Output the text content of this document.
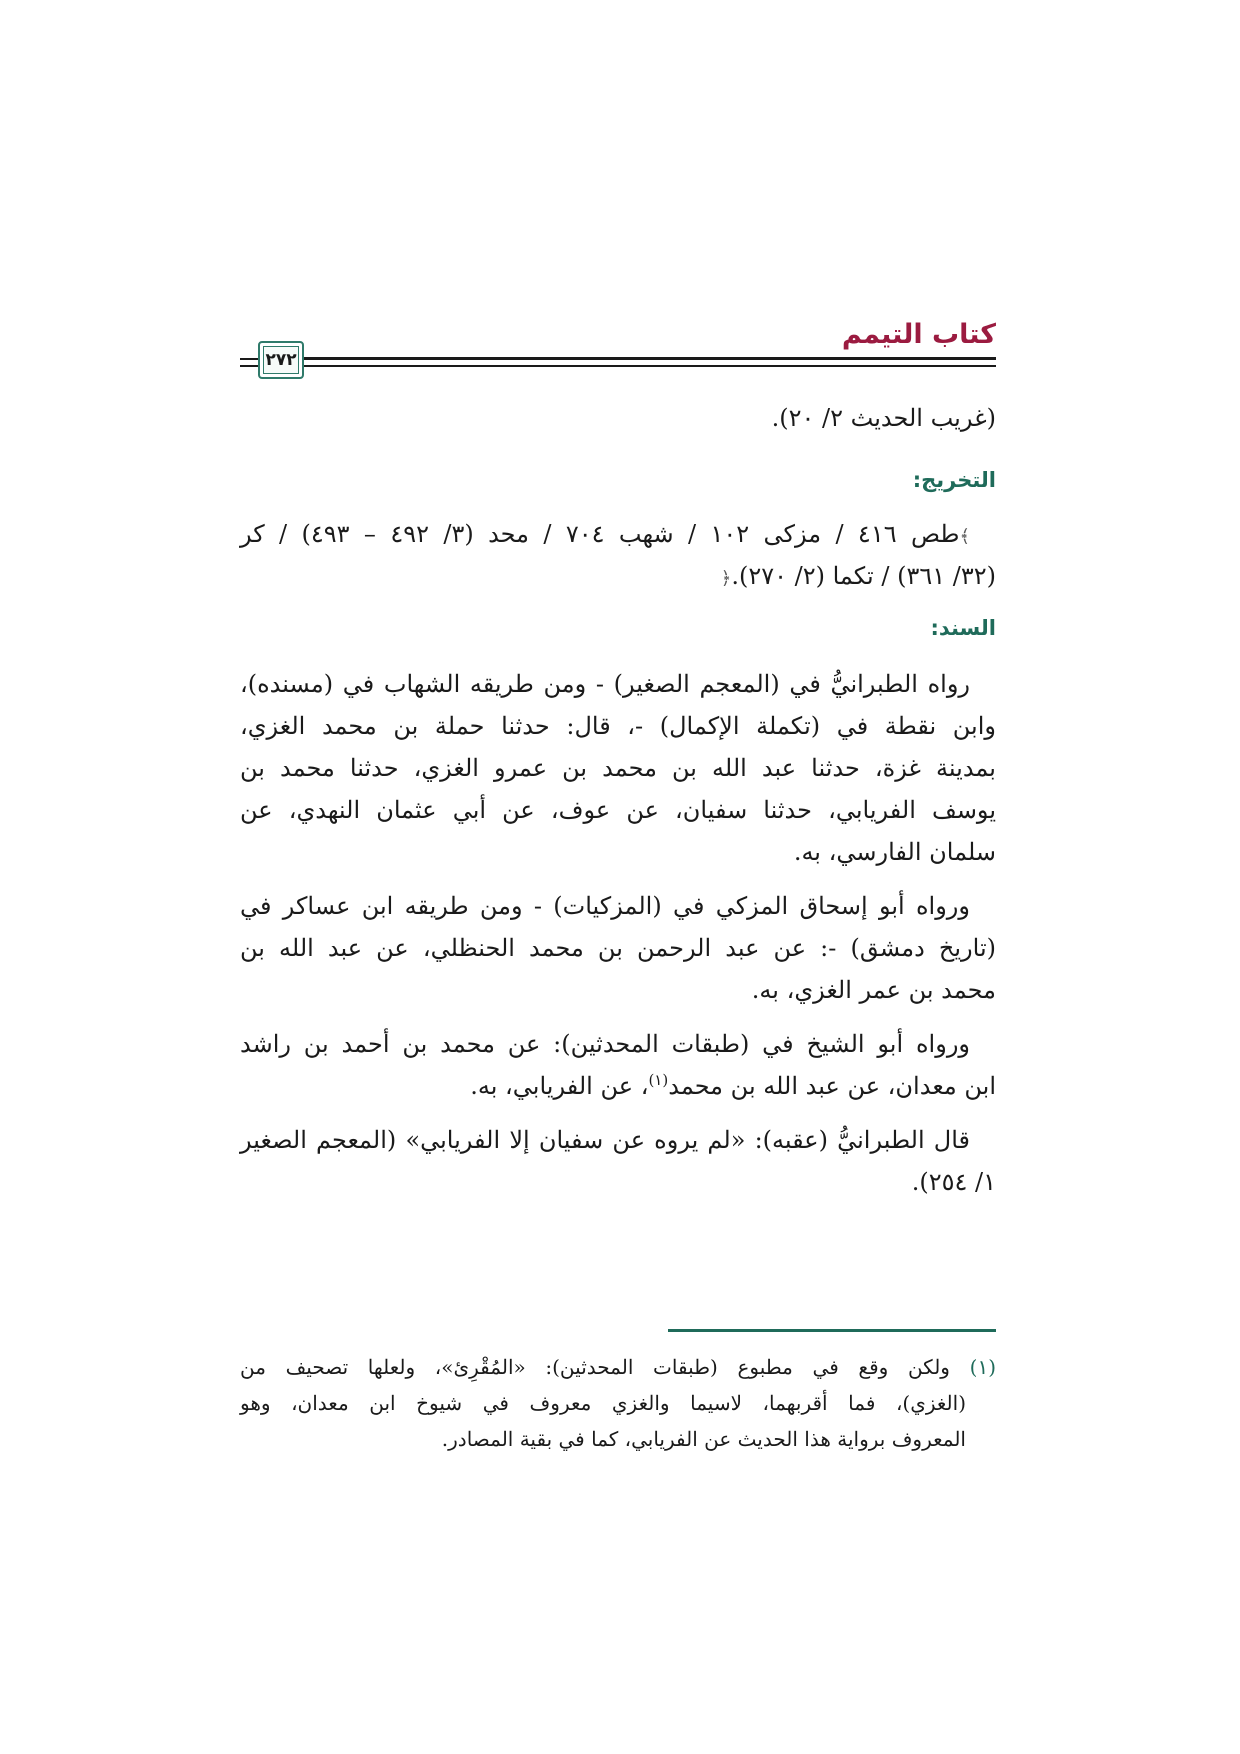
كتاب التيمم
٢٧٢
(غريب الحديث ٢/ ٢٠).
التخريج:
﴾طص ٤١٦ / مزكى ١٠٢ / شهب ٧٠٤ / محد (٣/ ٤٩٢ – ٤٩٣) / كر
(٣٢/ ٣٦١) / تكما (٢/ ٢٧٠).﴿
السند:
رواه الطبرانيُّ في (المعجم الصغير) - ومن طريقه الشهاب في (مسنده)،
وابن نقطة في (تكملة الإكمال) -، قال: حدثنا حملة بن محمد الغزي،
بمدينة غزة، حدثنا عبد الله بن محمد بن عمرو الغزي، حدثنا محمد بن
يوسف الفريابي، حدثنا سفيان، عن عوف، عن أبي عثمان النهدي، عن
سلمان الفارسي، به.
ورواه أبو إسحاق المزكي في (المزكيات) - ومن طريقه ابن عساكر في
(تاريخ دمشق) -: عن عبد الرحمن بن محمد الحنظلي، عن عبد الله بن
محمد بن عمر الغزي، به.
ورواه أبو الشيخ في (طبقات المحدثين): عن محمد بن أحمد بن راشد
ابن معدان، عن عبد الله بن محمد$^{(١)}$، عن الفريابي، به.
قال الطبرانيُّ (عقبه): «لم يروه عن سفيان إلا الفريابي» (المعجم الصغير
١/ ٢٥٤).
(١) ولكن وقع في مطبوع (طبقات المحدثين): «المُقْرِئ»، ولعلها تصحيف من
(الغزي)، فما أقربهما، لاسيما والغزي معروف في شيوخ ابن معدان، وهو
المعروف برواية هذا الحديث عن الفريابي، كما في بقية المصادر.
